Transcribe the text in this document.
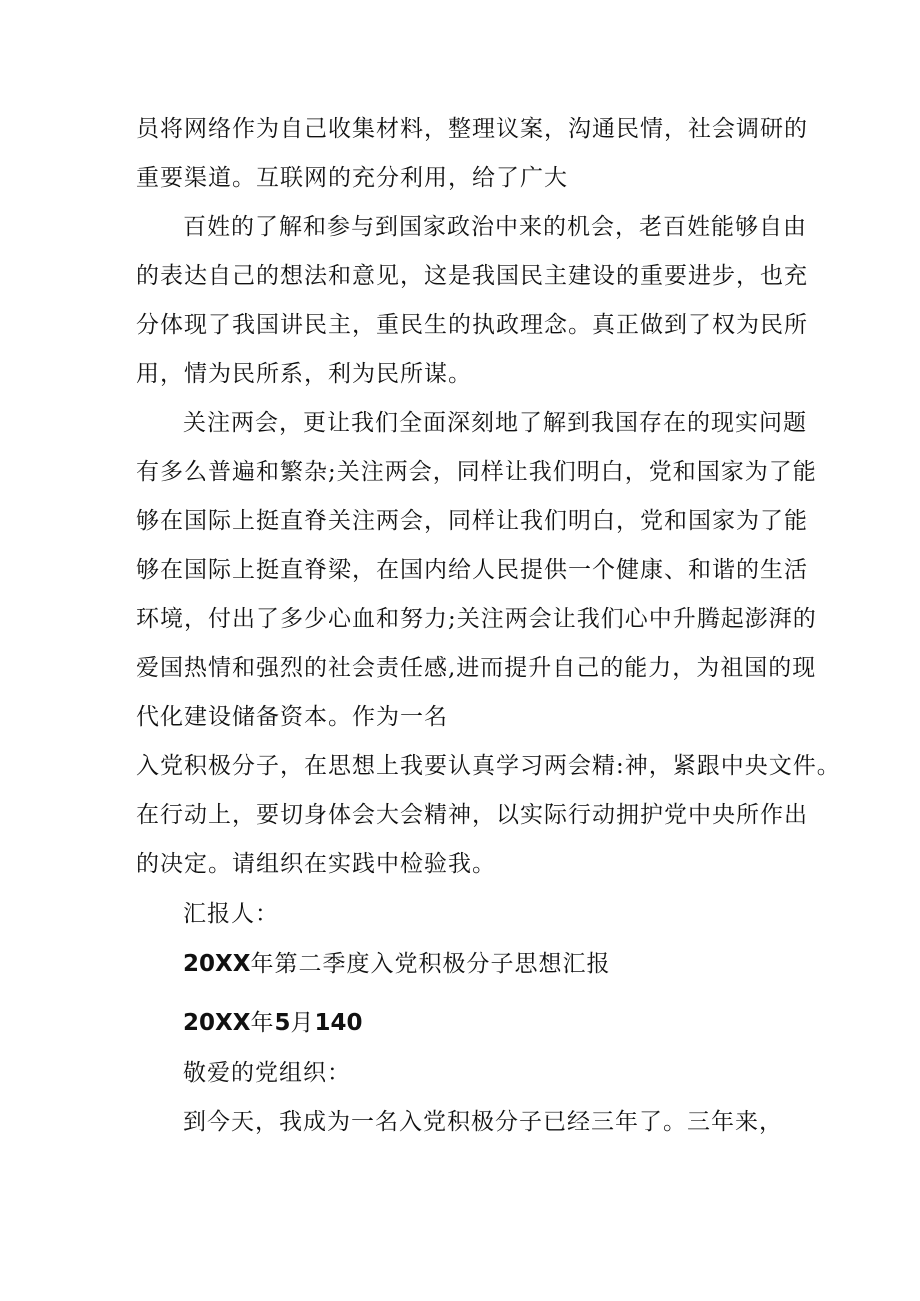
员将网络作为自己收集材料，整理议案，沟通民情，社会调研的
重要渠道。互联网的充分利用，给了广大
百姓的了解和参与到国家政治中来的机会，老百姓能够自由
的表达自己的想法和意见，这是我国民主建设的重要进步，也充
分体现了我国讲民主，重民生的执政理念。真正做到了权为民所
用，情为民所系，利为民所谋。
关注两会，更让我们全面深刻地了解到我国存在的现实问题
有多么普遍和繁杂;关注两会，同样让我们明白，党和国家为了能
够在国际上挺直脊关注两会，同样让我们明白，党和国家为了能
够在国际上挺直脊梁，在国内给人民提供一个健康、和谐的生活
环境，付出了多少心血和努力;关注两会让我们心中升腾起澎湃的
爱国热情和强烈的社会责任感,进而提升自己的能力，为祖国的现
代化建设储备资本。作为一名
入党积极分子，在思想上我要认真学习两会精:神，紧跟中央文件。
在行动上，要切身体会大会精神，以实际行动拥护党中央所作出
的决定。请组织在实践中检验我。
汇报人：
20XX年第二季度入党积极分子思想汇报
20XX年5月140
敬爱的党组织：
到今天，我成为一名入党积极分子已经三年了。三年来，
